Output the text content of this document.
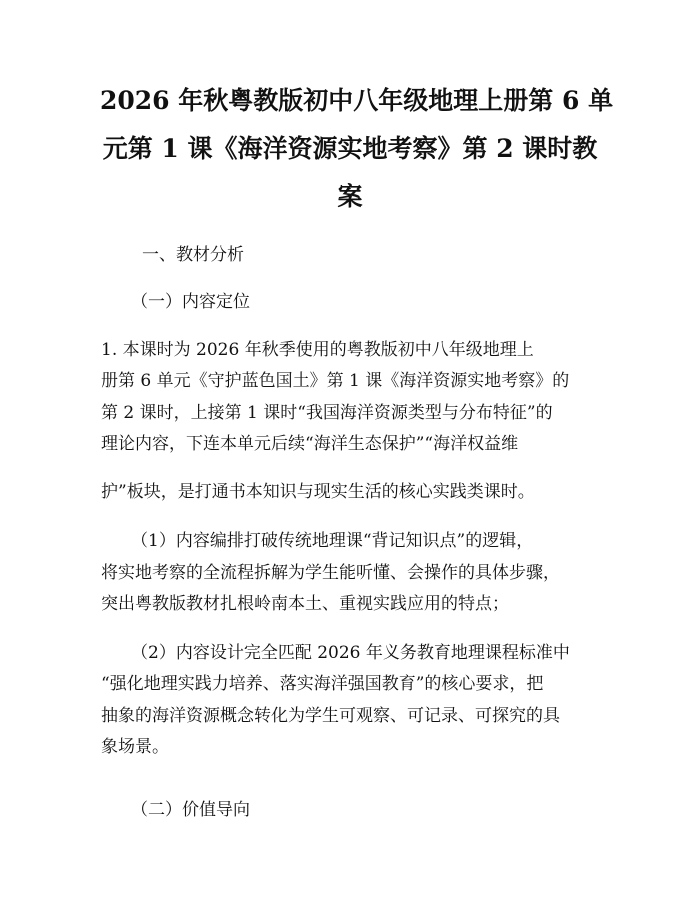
2026 年秋粤教版初中八年级地理上册第 6 单
元第 1 课《海洋资源实地考察》第 2 课时教
案
一、教材分析
（一）内容定位
1. 本课时为 2026 年秋季使用的粤教版初中八年级地理上
册第 6 单元《守护蓝色国土》第 1 课《海洋资源实地考察》的
第 2 课时，上接第 1 课时“我国海洋资源类型与分布特征”的
理论内容，下连本单元后续“海洋生态保护”“海洋权益维
护”板块，是打通书本知识与现实生活的核心实践类课时。
（1）内容编排打破传统地理课“背记知识点”的逻辑，
将实地考察的全流程拆解为学生能听懂、会操作的具体步骤，
突出粤教版教材扎根岭南本土、重视实践应用的特点；
（2）内容设计完全匹配 2026 年义务教育地理课程标准中
“强化地理实践力培养、落实海洋强国教育”的核心要求，把
抽象的海洋资源概念转化为学生可观察、可记录、可探究的具
象场景。
（二）价值导向
